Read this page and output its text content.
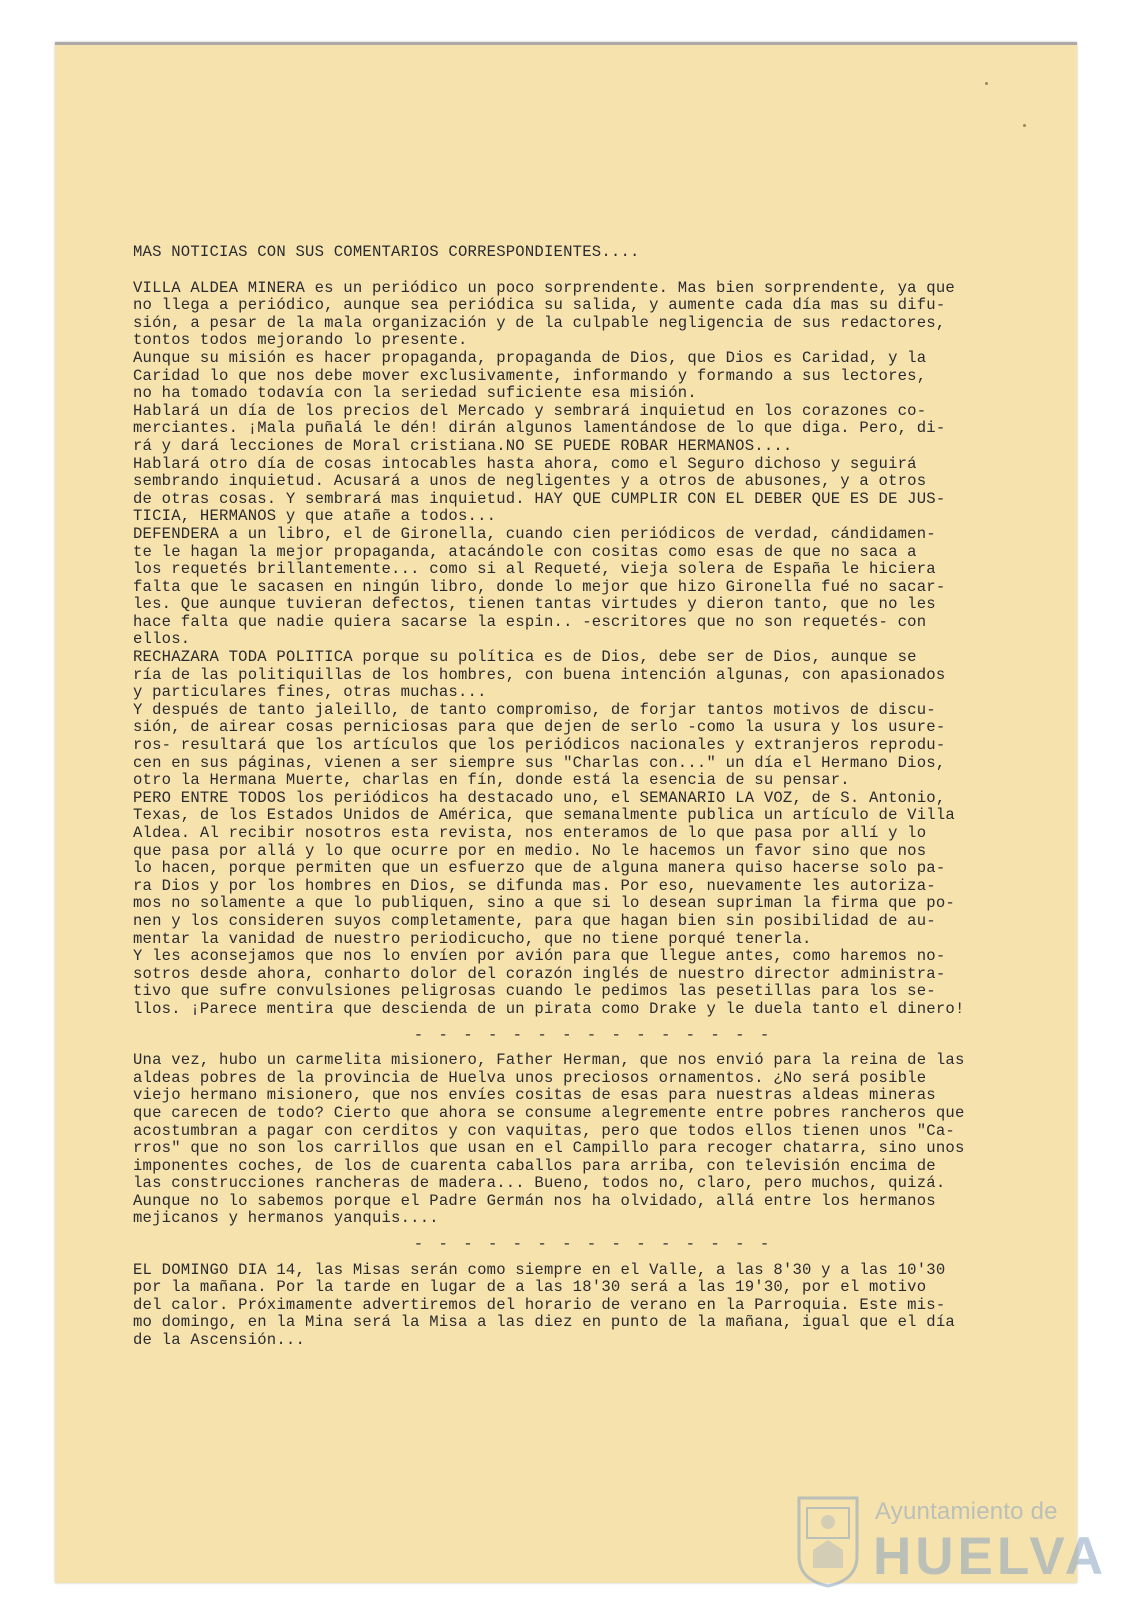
MAS NOTICIAS CON SUS COMENTARIOS CORRESPONDIENTES....
VILLA ALDEA MINERA es un periódico un poco sorprendente. Mas bien sorprendente, ya que
no llega a periódico, aunque sea periódica su salida, y aumente cada día mas su difu-
sión, a pesar de la mala organización y de la culpable negligencia de sus redactores,
tontos todos mejorando lo presente.
Aunque su misión es hacer propaganda, propaganda de Dios, que Dios es Caridad, y la
Caridad lo que nos debe mover exclusivamente, informando y formando a sus lectores,
no ha tomado todavía con la seriedad suficiente esa misión.
Hablará un día de los precios del Mercado y sembrará inquietud en los corazones co-
merciantes. ¡Mala puñalá le dén! dirán algunos lamentándose de lo que diga. Pero, di-
rá y dará lecciones de Moral cristiana.NO SE PUEDE ROBAR HERMANOS....
Hablará otro día de cosas intocables hasta ahora, como el Seguro dichoso y seguirá
sembrando inquietud. Acusará a unos de negligentes y a otros de abusones, y a otros
de otras cosas. Y sembrará mas inquietud. HAY QUE CUMPLIR CON EL DEBER QUE ES DE JUS-
TICIA, HERMANOS y que atañe a todos...
DEFENDERA a un libro, el de Gironella, cuando cien periódicos de verdad, cándidamen-
te le hagan la mejor propaganda, atacándole con cositas como esas de que no saca a
los requetés brillantemente... como si al Requeté, vieja solera de España le hiciera
falta que le sacasen en ningún libro, donde lo mejor que hizo Gironella fué no sacar-
les. Que aunque tuvieran defectos, tienen tantas virtudes y dieron tanto, que no les
hace falta que nadie quiera sacarse la espin.. -escritores que no son requetés- con
ellos.
RECHAZARA TODA POLITICA porque su política es de Dios, debe ser de Dios, aunque se
ría de las politiquillas de los hombres, con buena intención algunas, con apasionados
y particulares fines, otras muchas...
Y después de tanto jaleillo, de tanto compromiso, de forjar tantos motivos de discu-
sión, de airear cosas perniciosas para que dejen de serlo -como la usura y los usure-
ros- resultará que los artículos que los periódicos nacionales y extranjeros reprodu-
cen en sus páginas, vienen a ser siempre sus "Charlas con..." un día el Hermano Dios,
otro la Hermana Muerte, charlas en fín, donde está la esencia de su pensar.
PERO ENTRE TODOS los periódicos ha destacado uno, el SEMANARIO LA VOZ, de S. Antonio,
Texas, de los Estados Unidos de América, que semanalmente publica un artículo de Villa
Aldea. Al recibir nosotros esta revista, nos enteramos de lo que pasa por allí y lo
que pasa por allá y lo que ocurre por en medio. No le hacemos un favor sino que nos
lo hacen, porque permiten que un esfuerzo que de alguna manera quiso hacerse solo pa-
ra Dios y por los hombres en Dios, se difunda mas. Por eso, nuevamente les autoriza-
mos no solamente a que lo publiquen, sino a que si lo desean supriman la firma que po-
nen y los consideren suyos completamente, para que hagan bien sin posibilidad de au-
mentar la vanidad de nuestro periodicucho, que no tiene porqué tenerla.
Y les aconsejamos que nos lo envíen por avión para que llegue antes, como haremos no-
sotros desde ahora, conharto dolor del corazón inglés de nuestro director administra-
tivo que sufre convulsiones peligrosas cuando le pedimos las pesetillas para los se-
llos. ¡Parece mentira que descienda de un pirata como Drake y le duela tanto el dinero!
- - - - - - - - - - - - - - -
Una vez, hubo un carmelita misionero, Father Herman, que nos envió para la reina de las
aldeas pobres de la provincia de Huelva unos preciosos ornamentos. ¿No será posible
viejo hermano misionero, que nos envíes cositas de esas para nuestras aldeas mineras
que carecen de todo? Cierto que ahora se consume alegremente entre pobres rancheros que
acostumbran a pagar con cerditos y con vaquitas, pero que todos ellos tienen unos "Ca-
rros" que no son los carrillos que usan en el Campillo para recoger chatarra, sino unos
imponentes coches, de los de cuarenta caballos para arriba, con televisión encima de
las construcciones rancheras de madera... Bueno, todos no, claro, pero muchos, quizá.
Aunque no lo sabemos porque el Padre Germán nos ha olvidado, allá entre los hermanos
mejicanos y hermanos yanquis....
- - - - - - - - - - - - - - -
EL DOMINGO DIA 14, las Misas serán como siempre en el Valle, a las 8'30 y a las 10'30
por la mañana. Por la tarde en lugar de a las 18'30 será a las 19'30, por el motivo
del calor. Próximamente advertiremos del horario de verano en la Parroquia. Este mis-
mo domingo, en la Mina será la Misa a las diez en punto de la mañana, igual que el día
de la Ascensión...
Ayuntamiento de
HUELVA
